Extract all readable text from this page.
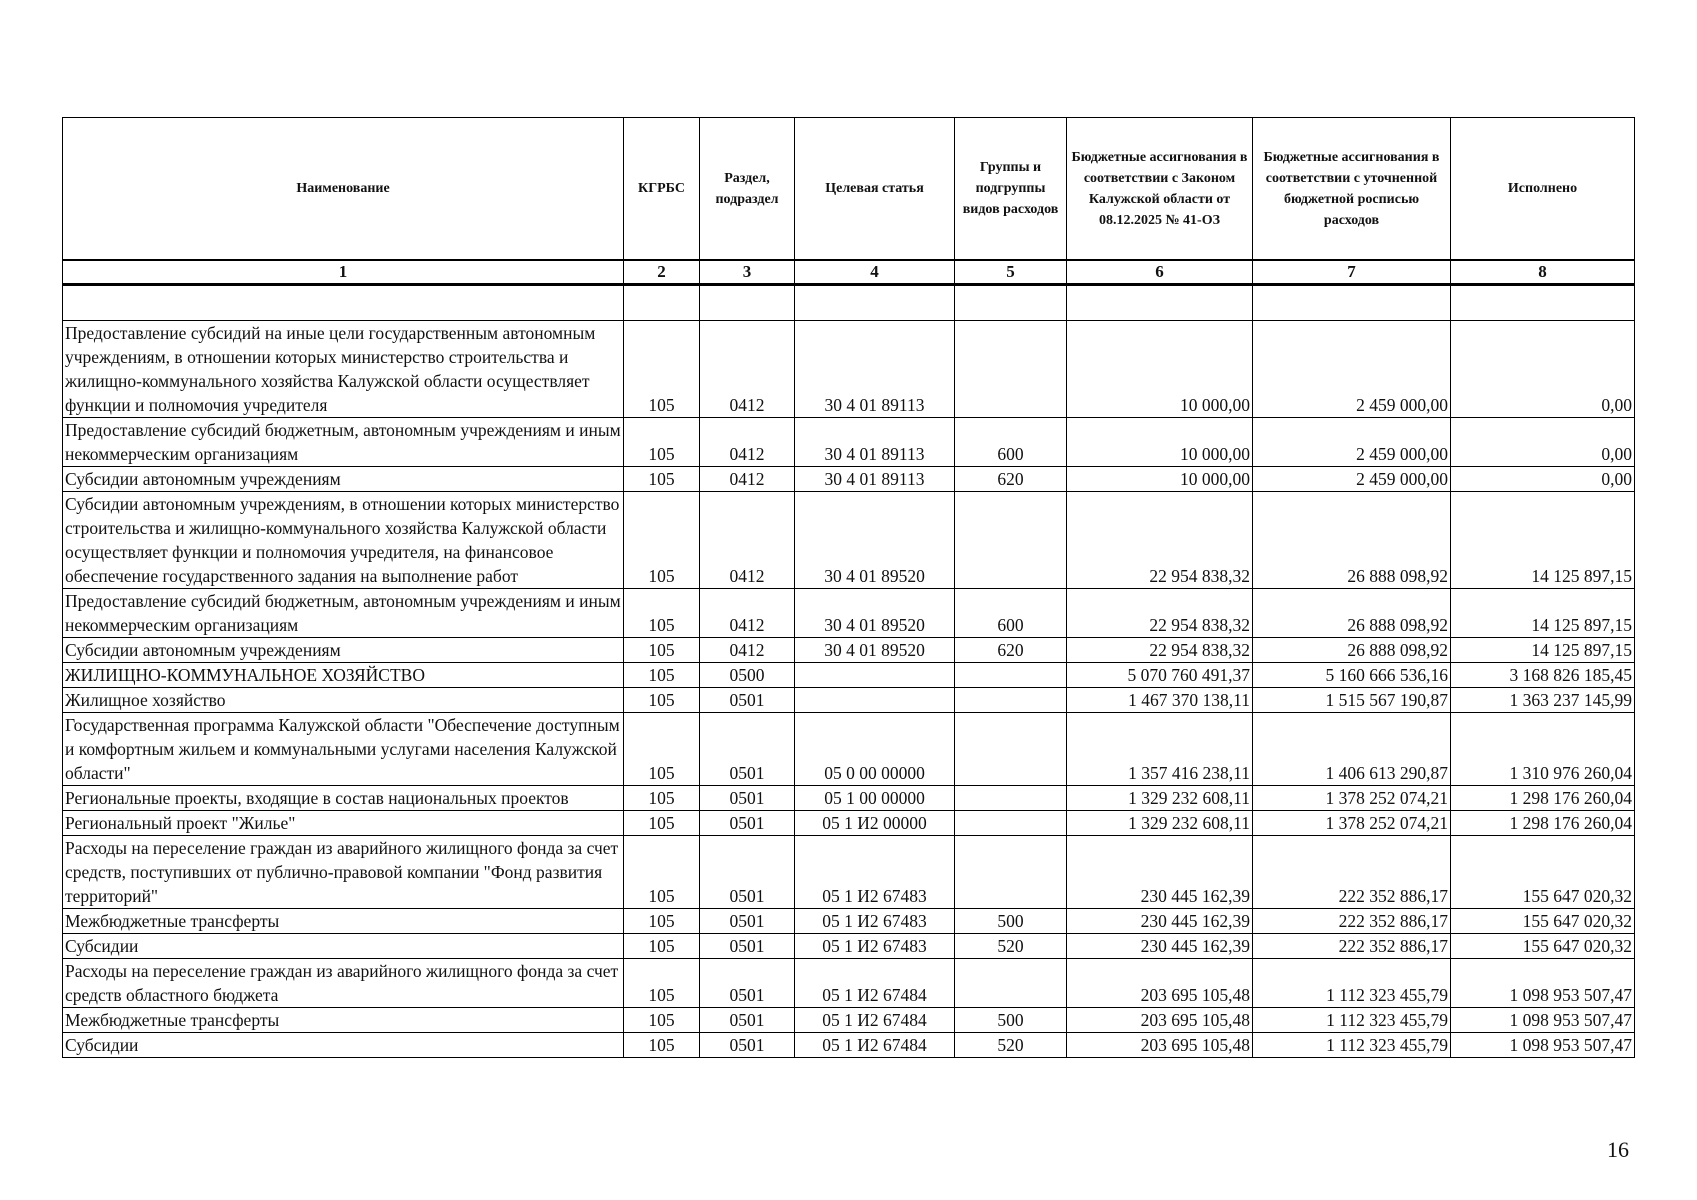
Наименование	КГРБС	Раздел, подраздел	Целевая статья	Группы и подгруппы видов расходов	Бюджетные ассигнования в соответствии с Законом Калужской области от 08.12.2025 № 41-ОЗ	Бюджетные ассигнования в соответствии с уточненной бюджетной росписью расходов	Исполнено
1	2	3	4	5	6	7	8

Предоставление субсидий на иные цели государственным автономным учреждениям, в отношении которых министерство строительства и жилищно-коммунального хозяйства Калужской области осуществляет функции и полномочия учредителя	105	0412	30 4 01 89113		10 000,00	2 459 000,00	0,00
Предоставление субсидий бюджетным, автономным учреждениям и иным некоммерческим организациям	105	0412	30 4 01 89113	600	10 000,00	2 459 000,00	0,00
Субсидии автономным учреждениям	105	0412	30 4 01 89113	620	10 000,00	2 459 000,00	0,00
Субсидии автономным учреждениям, в отношении которых министерство строительства и жилищно-коммунального хозяйства Калужской области осуществляет функции и полномочия учредителя, на финансовое обеспечение государственного задания на выполнение работ	105	0412	30 4 01 89520		22 954 838,32	26 888 098,92	14 125 897,15
Предоставление субсидий бюджетным, автономным учреждениям и иным некоммерческим организациям	105	0412	30 4 01 89520	600	22 954 838,32	26 888 098,92	14 125 897,15
Субсидии автономным учреждениям	105	0412	30 4 01 89520	620	22 954 838,32	26 888 098,92	14 125 897,15
ЖИЛИЩНО-КОММУНАЛЬНОЕ ХОЗЯЙСТВО	105	0500			5 070 760 491,37	5 160 666 536,16	3 168 826 185,45
Жилищное хозяйство	105	0501			1 467 370 138,11	1 515 567 190,87	1 363 237 145,99
Государственная программа Калужской области "Обеспечение доступным и комфортным жильем и коммунальными услугами населения Калужской области"	105	0501	05 0 00 00000		1 357 416 238,11	1 406 613 290,87	1 310 976 260,04
Региональные проекты, входящие в состав национальных проектов	105	0501	05 1 00 00000		1 329 232 608,11	1 378 252 074,21	1 298 176 260,04
Региональный проект "Жилье"	105	0501	05 1 И2 00000		1 329 232 608,11	1 378 252 074,21	1 298 176 260,04
Расходы на переселение граждан из аварийного жилищного фонда за счет средств, поступивших от публично-правовой компании "Фонд развития территорий"	105	0501	05 1 И2 67483		230 445 162,39	222 352 886,17	155 647 020,32
Межбюджетные трансферты	105	0501	05 1 И2 67483	500	230 445 162,39	222 352 886,17	155 647 020,32
Субсидии	105	0501	05 1 И2 67483	520	230 445 162,39	222 352 886,17	155 647 020,32
Расходы на переселение граждан из аварийного жилищного фонда за счет средств областного бюджета	105	0501	05 1 И2 67484		203 695 105,48	1 112 323 455,79	1 098 953 507,47
Межбюджетные трансферты	105	0501	05 1 И2 67484	500	203 695 105,48	1 112 323 455,79	1 098 953 507,47
Субсидии	105	0501	05 1 И2 67484	520	203 695 105,48	1 112 323 455,79	1 098 953 507,47
16
